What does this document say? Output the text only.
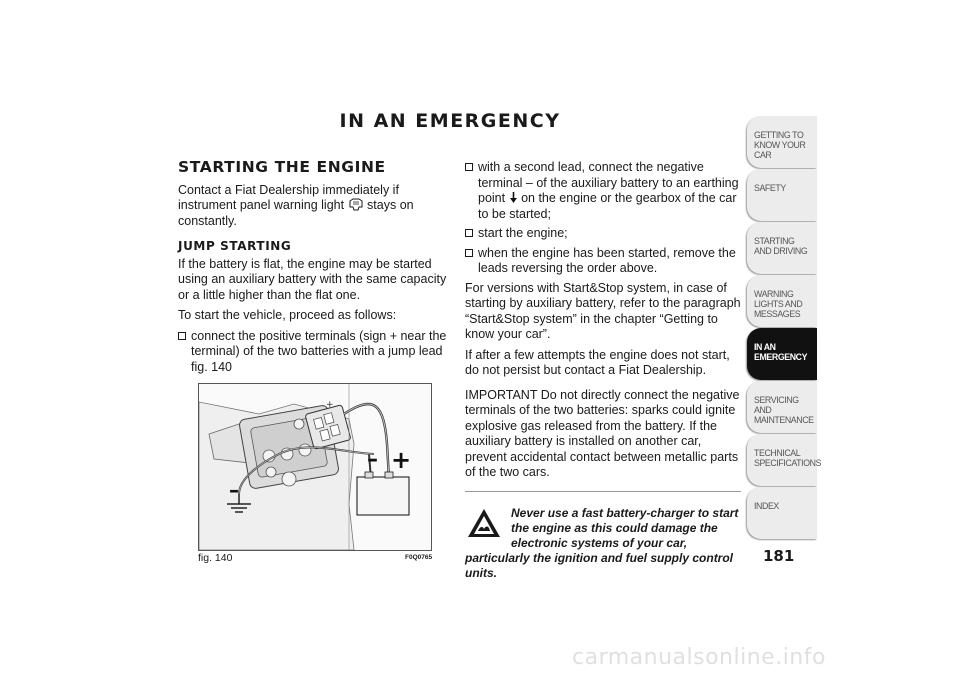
IN AN EMERGENCY
STARTING THE ENGINE

Contact a Fiat Dealership immediately if instrument panel warning light stays on constantly.

JUMP STARTING

If the battery is flat, the engine may be started using an auxiliary battery with the same capacity or a little higher than the flat one.

To start the vehicle, proceed as follows:

connect the positive terminals (sign + near the terminal) of the two batteries with a jump lead fig. 140
+
– +
–
fig. 140	F0Q0765
with a second lead, connect the negative terminal – of the auxiliary battery to an earthing point on the engine or the gearbox of the car to be started;
start the engine;
when the engine has been started, remove the leads reversing the order above.

For versions with Start&Stop system, in case of starting by auxiliary battery, refer to the paragraph “Start&Stop system” in the chapter “Getting to know your car”.

If after a few attempts the engine does not start, do not persist but contact a Fiat Dealership.

IMPORTANT Do not directly connect the negative terminals of the two batteries: sparks could ignite explosive gas released from the battery. If the auxiliary battery is installed on another car, prevent accidental contact between metallic parts of the two cars.

Never use a fast battery-charger to start the engine as this could damage the electronic systems of your car, particularly the ignition and fuel supply control units.
GETTING TO KNOW YOUR CAR
SAFETY
STARTING AND DRIVING
WARNING LIGHTS AND MESSAGES
IN AN EMERGENCY
SERVICING AND MAINTENANCE
TECHNICAL SPECIFICATIONS
INDEX
181
carmanualsonline.info
